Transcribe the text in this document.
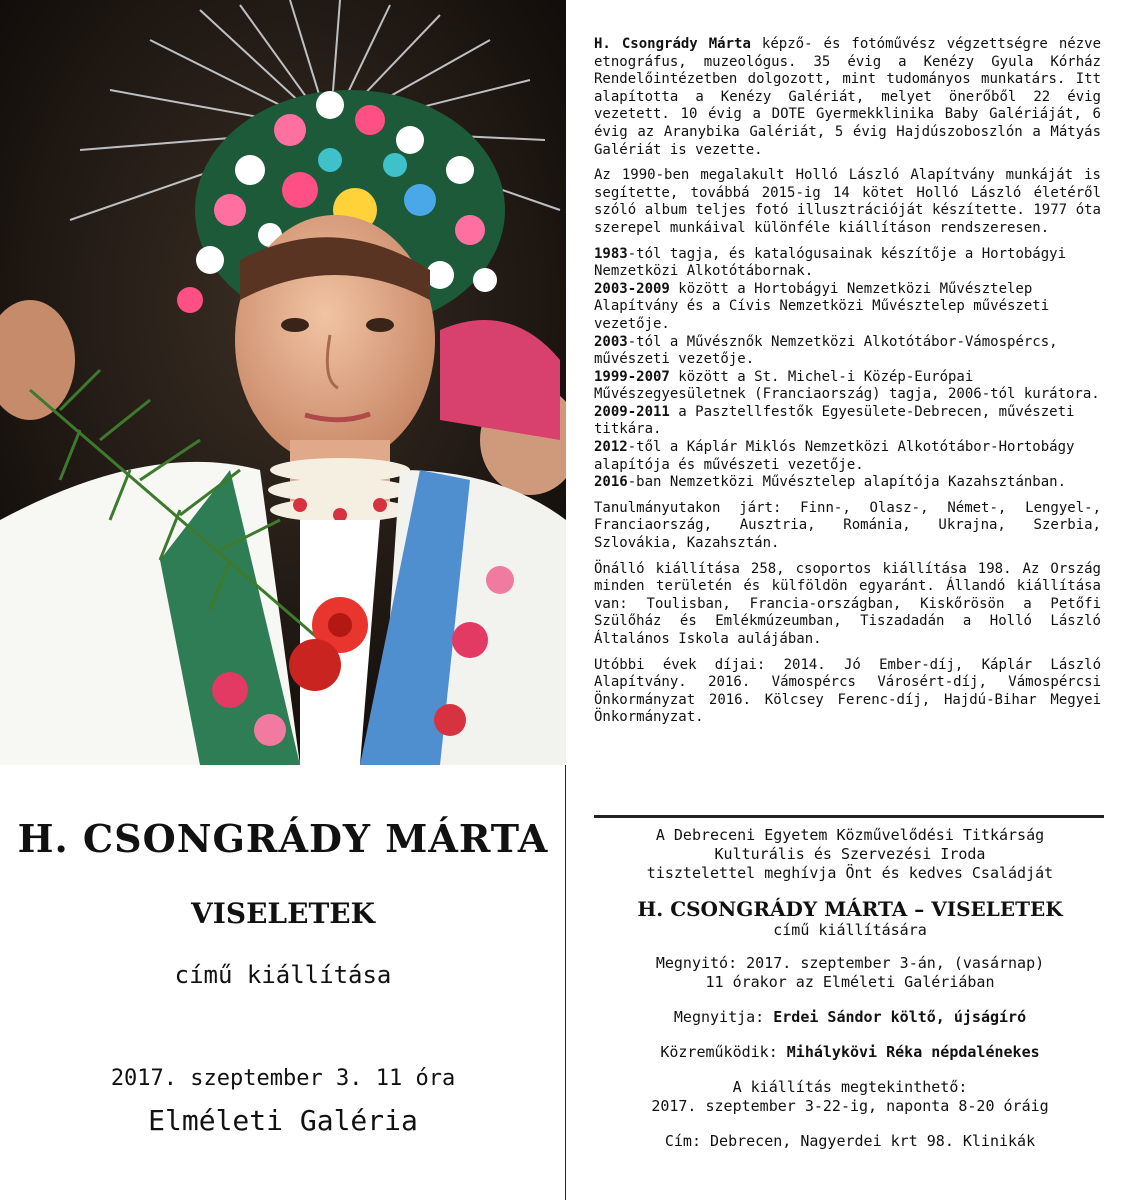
H. CSONGRÁDY MÁRTA
VISELETEK
című kiállítása
2017. szeptember 3. 11 óra
Elméleti Galéria

H. Csongrády Márta képző- és fotóművész végzettségre nézve etnográfus, muzeológus. 35 évig a Kenézy Gyula Kórház Rendelőintézetben dolgozott, mint tudományos munkatárs. Itt alapította a Kenézy Galériát, melyet önerőből 22 évig vezetett. 10 évig a DOTE Gyermekklinika Baby Galériáját, 6 évig az Aranybika Galériát, 5 évig Hajdúszoboszlón a Mátyás Galériát is vezette.

Az 1990-ben megalakult Holló László Alapítvány munkáját is segítette, továbbá 2015-ig 14 kötet Holló László életéről szóló album teljes fotó illusztrációját készítette. 1977 óta szerepel munkáival különféle kiállításon rendszeresen.

1983-tól tagja, és katalógusainak készítője a Hortobágyi Nemzetközi Alkotótábornak.

2003-2009 között a Hortobágyi Nemzetközi Művésztelep Alapítvány és a Cívis Nemzetközi Művésztelep művészeti vezetője.

2003-tól a Művésznők Nemzetközi Alkotótábor-Vámospércs, művészeti vezetője.

1999-2007 között a St. Michel-i Közép-Európai Művészegyesületnek (Franciaország) tagja, 2006-tól kurátora.

2009-2011 a Pasztellfestők Egyesülete-Debrecen, művészeti titkára.

2012-től a Káplár Miklós Nemzetközi Alkotótábor-Hortobágy alapítója és művészeti vezetője.

2016-ban Nemzetközi Művésztelep alapítója Kazahsztánban.

Tanulmányutakon járt: Finn-, Olasz-, Német-, Lengyel-, Franciaország, Ausztria, Románia, Ukrajna, Szerbia, Szlovákia, Kazahsztán.

Önálló kiállítása 258, csoportos kiállítása 198. Az Ország minden területén és külföldön egyaránt. Állandó kiállítása van: Toulisban, Francia-országban, Kiskőrösön a Petőfi Szülőház és Emlékmúzeumban, Tiszadadán a Holló László Általános Iskola aulájában.

Utóbbi évek díjai: 2014. Jó Ember-díj, Káplár László Alapítvány. 2016. Vámospércs Városért-díj, Vámospércsi Önkormányzat 2016. Kölcsey Ferenc-díj, Hajdú-Bihar Megyei Önkormányzat.

A Debreceni Egyetem Közművelődési Titkárság

Kulturális és Szervezési Iroda

tisztelettel meghívja Önt és kedves Családját

H. CSONGRÁDY MÁRTA – VISELETEK

című kiállítására

Megnyitó: 2017. szeptember 3-án, (vasárnap)

11 órakor az Elméleti Galériában

Megnyitja: Erdei Sándor költő, újságíró

Közreműködik: Mihálykövi Réka népdalénekes

A kiállítás megtekinthető:

2017. szeptember 3-22-ig, naponta 8-20 óráig

Cím: Debrecen, Nagyerdei krt 98. Klinikák
